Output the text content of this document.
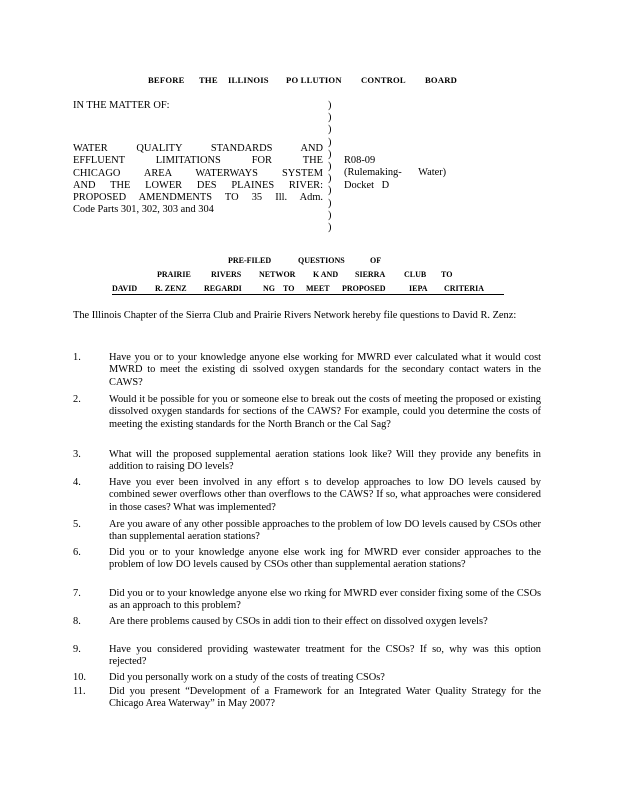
BEFORE THE ILLINOIS PO LLUTION CONTROL BOARD
IN THE MATTER OF:
WATER QUALITY STANDARDS AND
EFFLUENT LIMITATIONS FOR THE
CHICAGO AREA WATERWAYS SYSTEM
AND THE LOWER DES PLAINES RIVER:
PROPOSED AMENDMENTS TO 35 Ill. Adm.
Code Parts 301, 302, 303 and 304
)
)
)
)
)
)
)
)
)
)
)
R08-09
(Rulemaking- Water)
Docket D
PRE-FILED	QUESTIONS	OF
PRAIRIE	RIVERS NETWOR K AND SIERRA CLUB TO
DAVID R. ZENZ REGARDI	NG TO MEET PROPOSED	IEPA CRITERIA
The Illinois Chapter of the Sierra Club and Prairie Rivers Network hereby file questions to David R. Zenz:
1.	Have you or to your knowledge anyone else working for MWRD ever calculated what it would cost MWRD to meet the existing di ssolved oxygen standards for the secondary contact waters in the CAWS?
2.	Would it be possible for you or someone else to break out the costs of meeting the proposed or existing dissolved oxygen standards for sections of the CAWS? For example, could you determine the costs of meeting the existing standards for the North Branch or the Cal Sag?
3.	What will the proposed supplemental aeration stations look like? Will they provide any benefits in addition to raising DO levels?
4.	Have you ever been involved in any effort s to develop approaches to low DO levels caused by combined sewer overflows other than overflows to the CAWS? If so, what approaches were considered in those cases? What was implemented?
5.	Are you aware of any other possible approaches to the problem of low DO levels caused by CSOs other than supplemental aeration stations?
6.	Did you or to your knowledge anyone else work ing for MWRD ever consider approaches to the problem of low DO levels caused by CSOs other than supplemental aeration stations?
7.	Did you or to your knowledge anyone else wo rking for MWRD ever consider fixing some of the CSOs as an approach to this problem?
8.	Are there problems caused by CSOs in addi tion to their effect on dissolved oxygen levels?
9.	Have you considered providing wastewater treatment for the CSOs? If so, why was this option rejected?
10. Did you personally work on a study of the costs of treating CSOs?
11. Did you present “Development of a Framework for an Integrated Water Quality Strategy for the Chicago Area Waterway” in May 2007?
